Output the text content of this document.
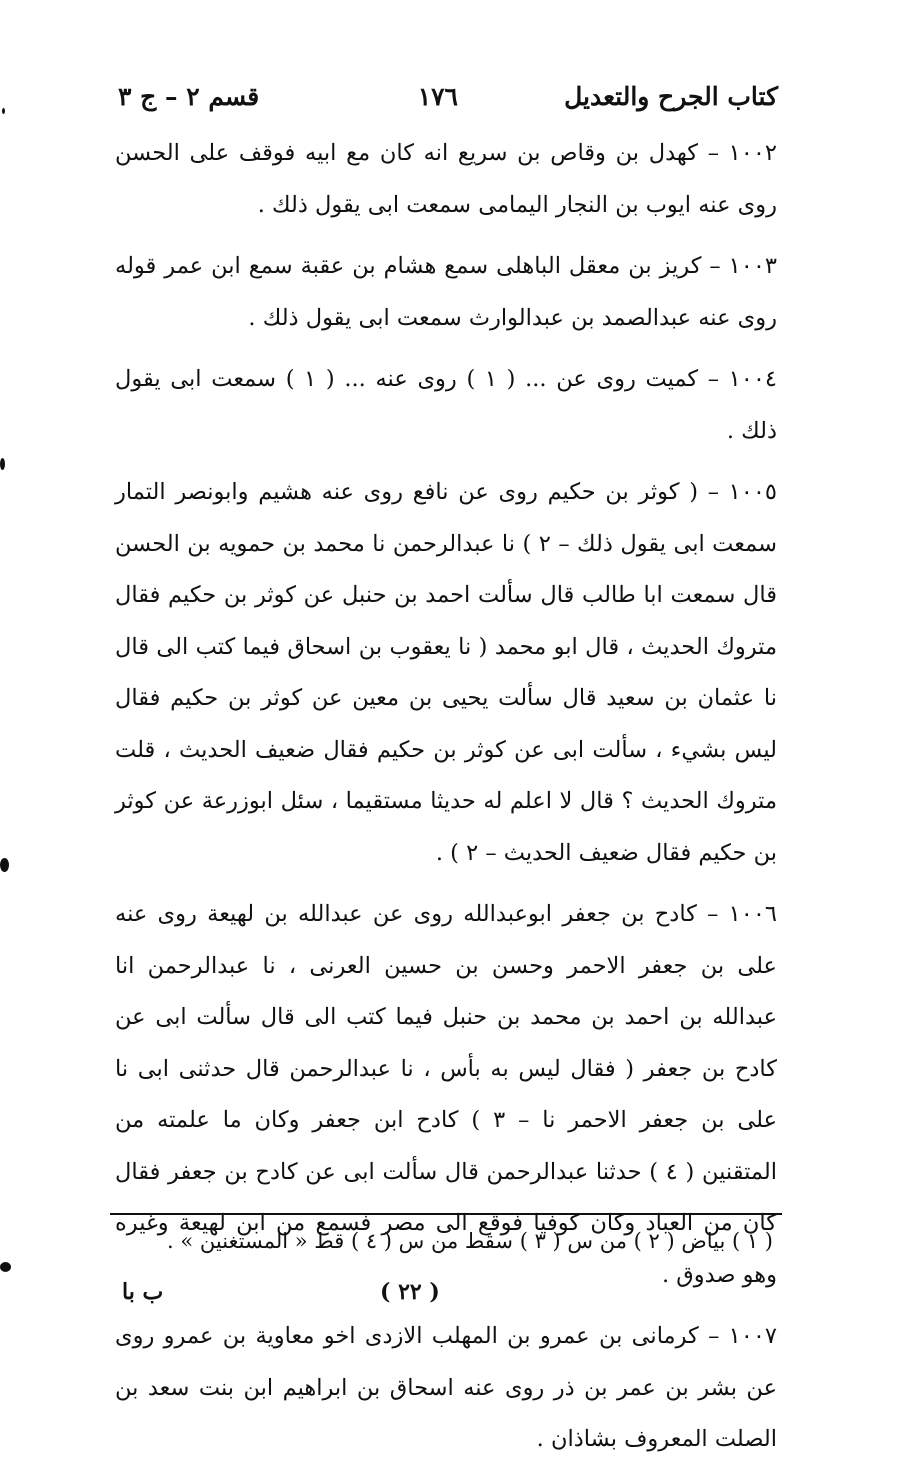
كتاب الجرح والتعديل
١٧٦
قسم ٢ – ج ٣

١٠٠٢ – كهدل بن وقاص بن سريع انه كان مع ابيه فوقف على الحسن روى عنه ايوب بن النجار اليمامى سمعت ابى يقول ذلك .

١٠٠٣ – كريز بن معقل الباهلى سمع هشام بن عقبة سمع ابن عمر قوله روى عنه عبدالصمد بن عبدالوارث سمعت ابى يقول ذلك .

١٠٠٤ – كميت روى عن ... ( ١ ) روى عنه ... ( ١ ) سمعت ابى يقول ذلك .

١٠٠٥ – ( كوثر بن حكيم روى عن نافع روى عنه هشيم وابونصر التمار سمعت ابى يقول ذلك – ٢ ) نا عبدالرحمن نا محمد بن حمويه بن الحسن قال سمعت ابا طالب قال سألت احمد بن حنبل عن كوثر بن حكيم فقال متروك الحديث ، قال ابو محمد ( نا يعقوب بن اسحاق فيما كتب الى قال نا عثمان بن سعيد قال سألت يحيى بن معين عن كوثر بن حكيم فقال ليس بشيء ، سألت ابى عن كوثر بن حكيم فقال ضعيف الحديث ، قلت متروك الحديث ؟ قال لا اعلم له حديثا مستقيما ، سئل ابوزرعة عن كوثر بن حكيم فقال ضعيف الحديث – ٢ ) .

١٠٠٦ – كادح بن جعفر ابوعبدالله روى عن عبدالله بن لهيعة روى عنه على بن جعفر الاحمر وحسن بن حسين العرنى ، نا عبدالرحمن انا عبدالله بن احمد بن محمد بن حنبل فيما كتب الى قال سألت ابى عن كادح بن جعفر ( فقال ليس به بأس ، نا عبدالرحمن قال حدثنى ابى نا على بن جعفر الاحمر نا – ٣ ) كادح ابن جعفر وكان ما علمته من المتقنين ( ٤ ) حدثنا عبدالرحمن قال سألت ابى عن كادح بن جعفر فقال كان من العباد وكان كوفيا فوقع الى مصر فسمع من ابن لهيعة وغيره وهو صدوق .

١٠٠٧ – كرمانى بن عمرو بن المهلب الازدى اخو معاوية بن عمرو روى عن بشر بن عمر بن ذر روى عنه اسحاق بن ابراهيم ابن بنت سعد بن الصلت المعروف بشاذان .

( ١ ) بياض ( ٢ ) من س ( ٣ ) سقط من س ( ٤ ) قط « المستغنين » .
( ٢٢ )
ب با
